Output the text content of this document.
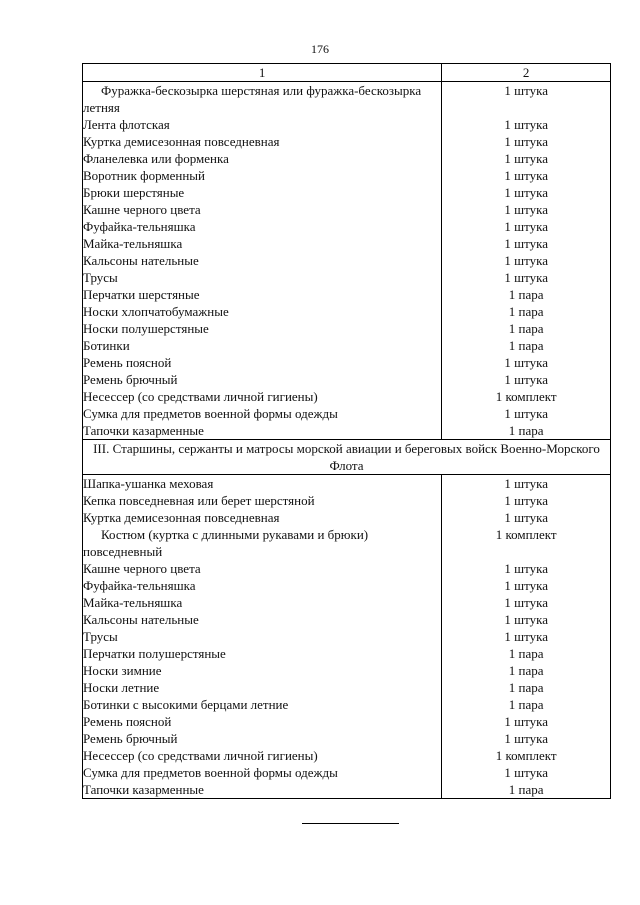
176
1	2
Фуражка-бескозырка шерстяная или фуражка-бескозырка летняя	1 штука
Лента флотская	1 штука
Куртка демисезонная повседневная	1 штука
Фланелевка или форменка	1 штука
Воротник форменный	1 штука
Брюки шерстяные	1 штука
Кашне черного цвета	1 штука
Фуфайка-тельняшка	1 штука
Майка-тельняшка	1 штука
Кальсоны нательные	1 штука
Трусы	1 штука
Перчатки шерстяные	1 пара
Носки хлопчатобумажные	1 пара
Носки полушерстяные	1 пара
Ботинки	1 пара
Ремень поясной	1 штука
Ремень брючный	1 штука
Несессер (со средствами личной гигиены)	1 комплект
Сумка для предметов военной формы одежды	1 штука
Тапочки казарменные	1 пара
III. Старшины, сержанты и матросы морской авиации и береговых войск Военно-Морского Флота	
Шапка-ушанка меховая	1 штука
Кепка повседневная или берет шерстяной	1 штука
Куртка демисезонная повседневная	1 штука
Костюм (куртка с длинными рукавами и брюки) повседневный	1 комплект
Кашне черного цвета	1 штука
Фуфайка-тельняшка	1 штука
Майка-тельняшка	1 штука
Кальсоны нательные	1 штука
Трусы	1 штука
Перчатки полушерстяные	1 пара
Носки зимние	1 пара
Носки летние	1 пара
Ботинки с высокими берцами летние	1 пара
Ремень поясной	1 штука
Ремень брючный	1 штука
Несессер (со средствами личной гигиены)	1 комплект
Сумка для предметов военной формы одежды	1 штука
Тапочки казарменные	1 пара
